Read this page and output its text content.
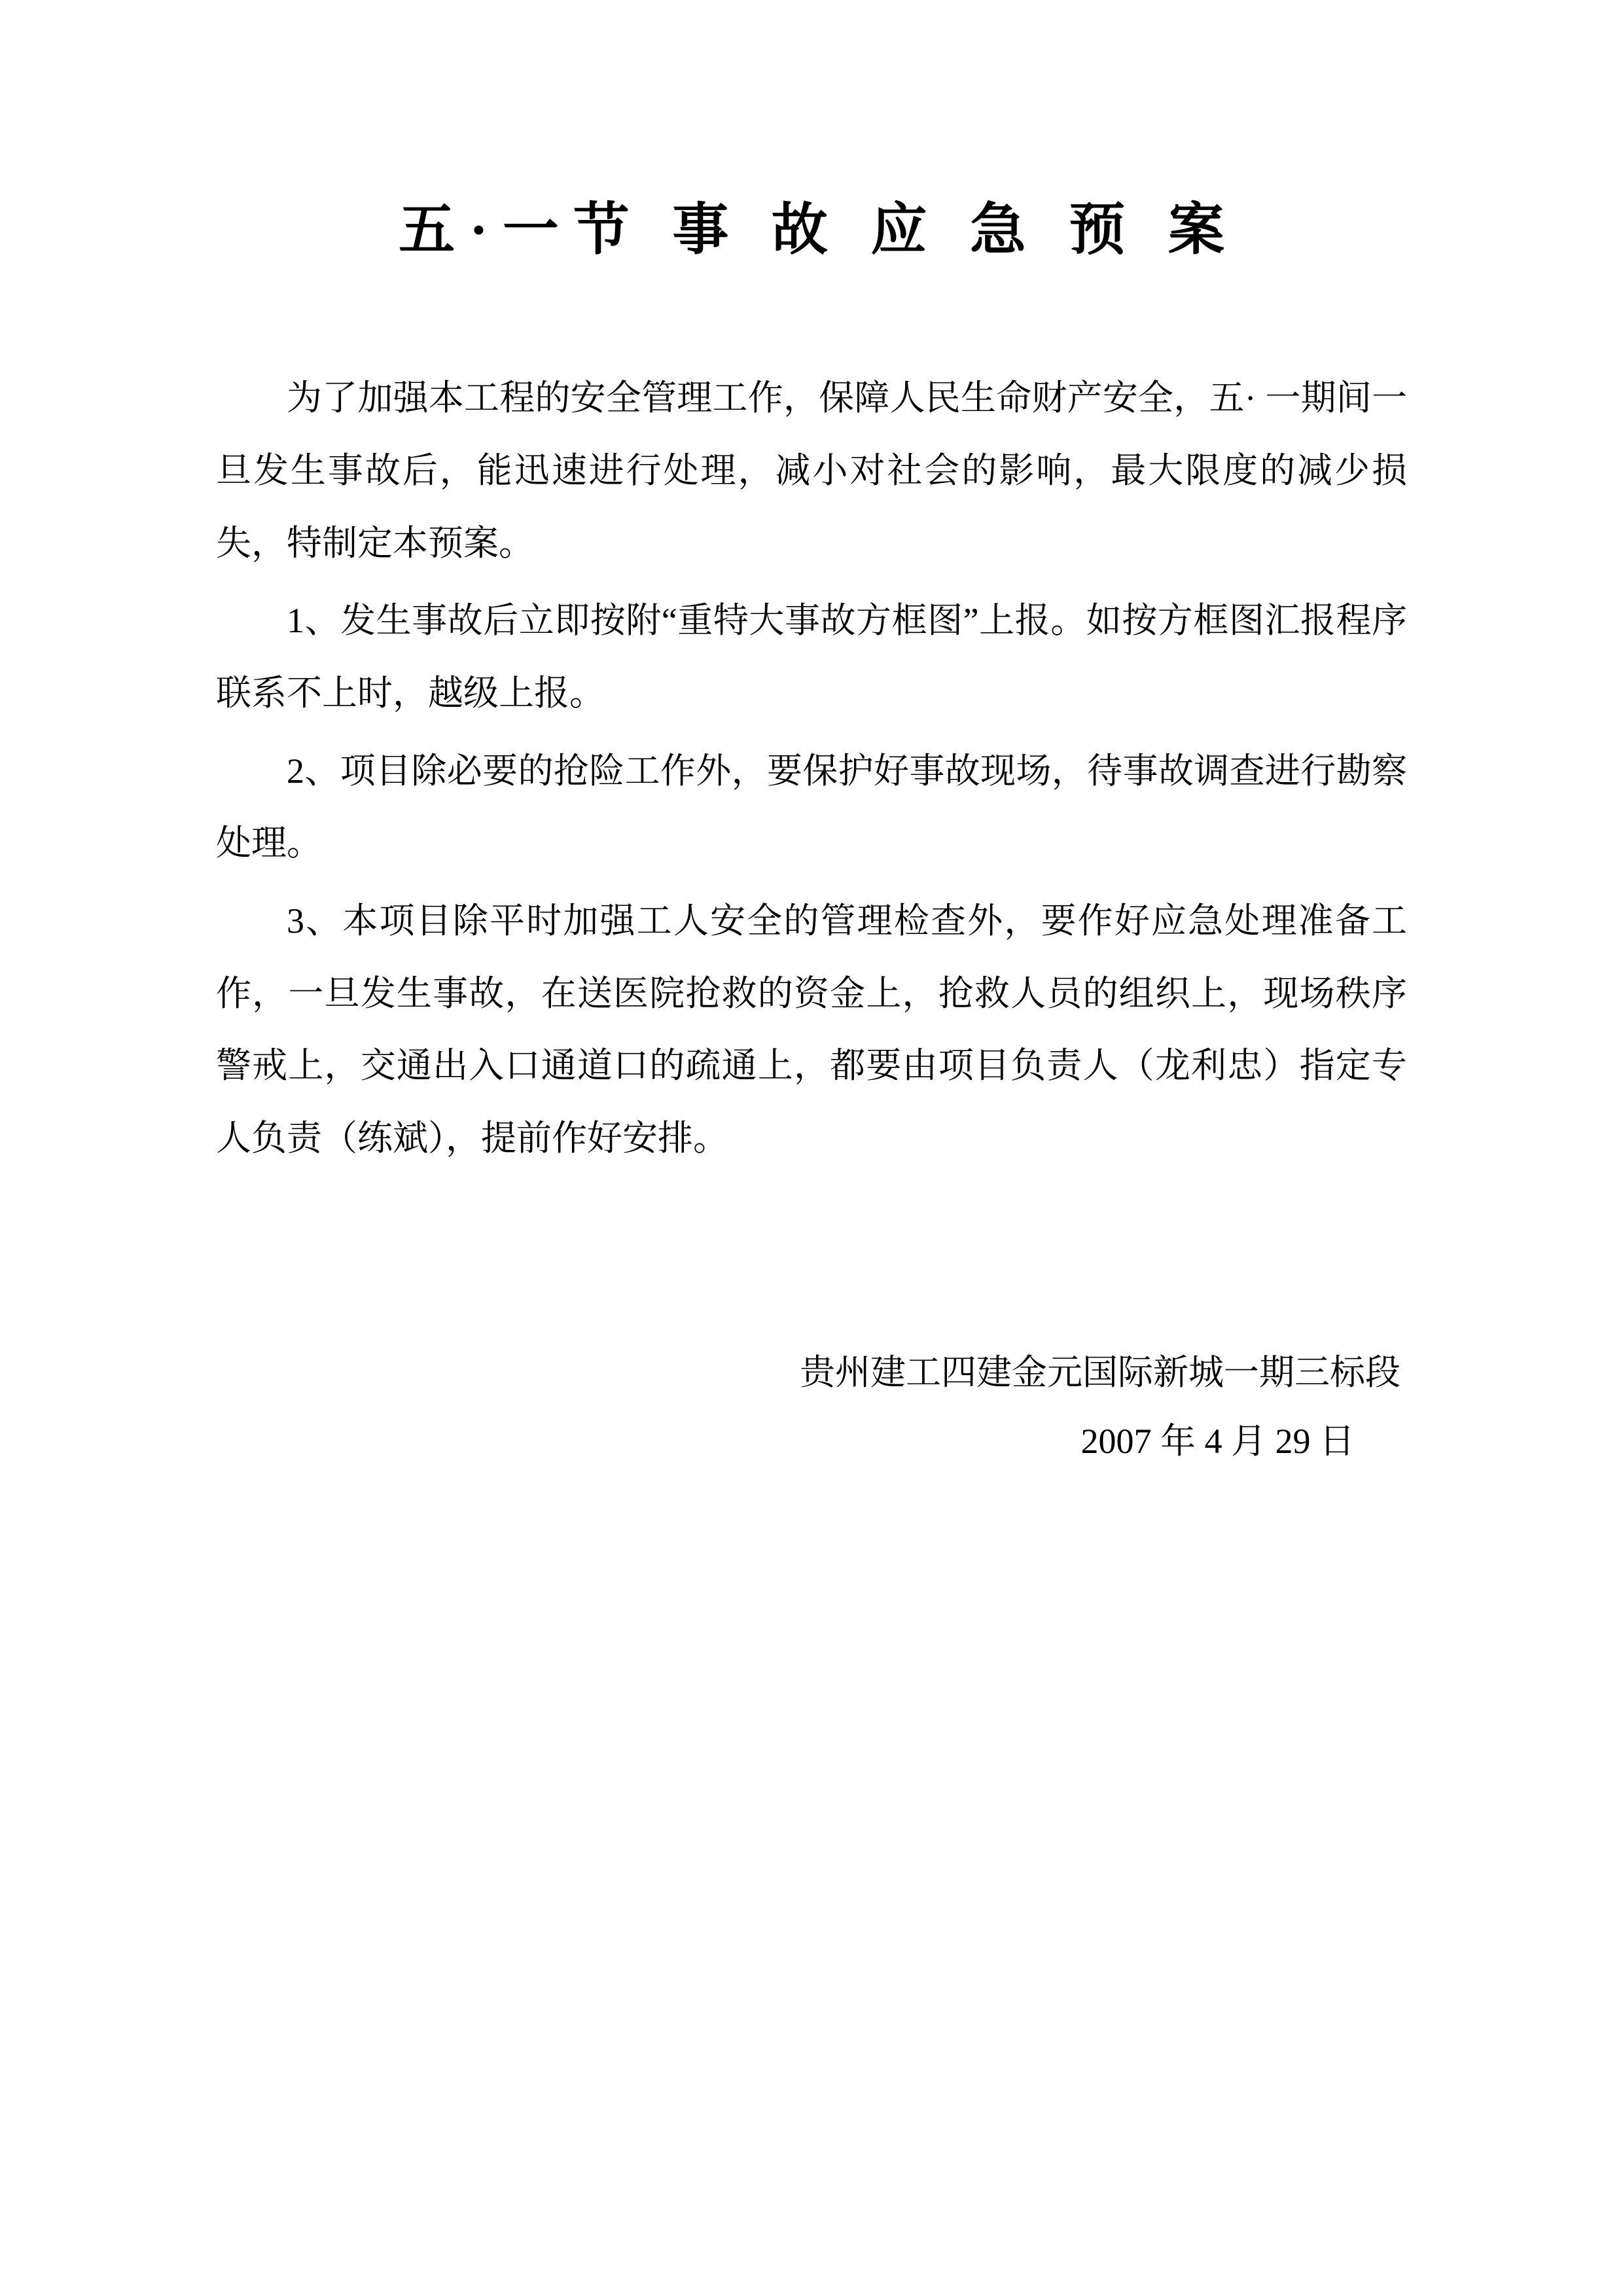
五·一节 事 故 应 急 预 案

为了加强本工程的安全管理工作，保障人民生命财产安全，五· 一期间一旦发生事故后，能迅速进行处理，减小对社会的影响，最大限度的减少损失，特制定本预案。

1、发生事故后立即按附“重特大事故方框图”上报。如按方框图汇报程序联系不上时，越级上报。

2、项目除必要的抢险工作外，要保护好事故现场，待事故调查进行勘察处理。

3、本项目除平时加强工人安全的管理检查外，要作好应急处理准备工作，一旦发生事故，在送医院抢救的资金上，抢救人员的组织上，现场秩序警戒上，交通出入口通道口的疏通上，都要由项目负责人（龙利忠）指定专人负责（练斌），提前作好安排。

贵州建工四建金元国际新城一期三标段
2007 年 4 月 29 日
